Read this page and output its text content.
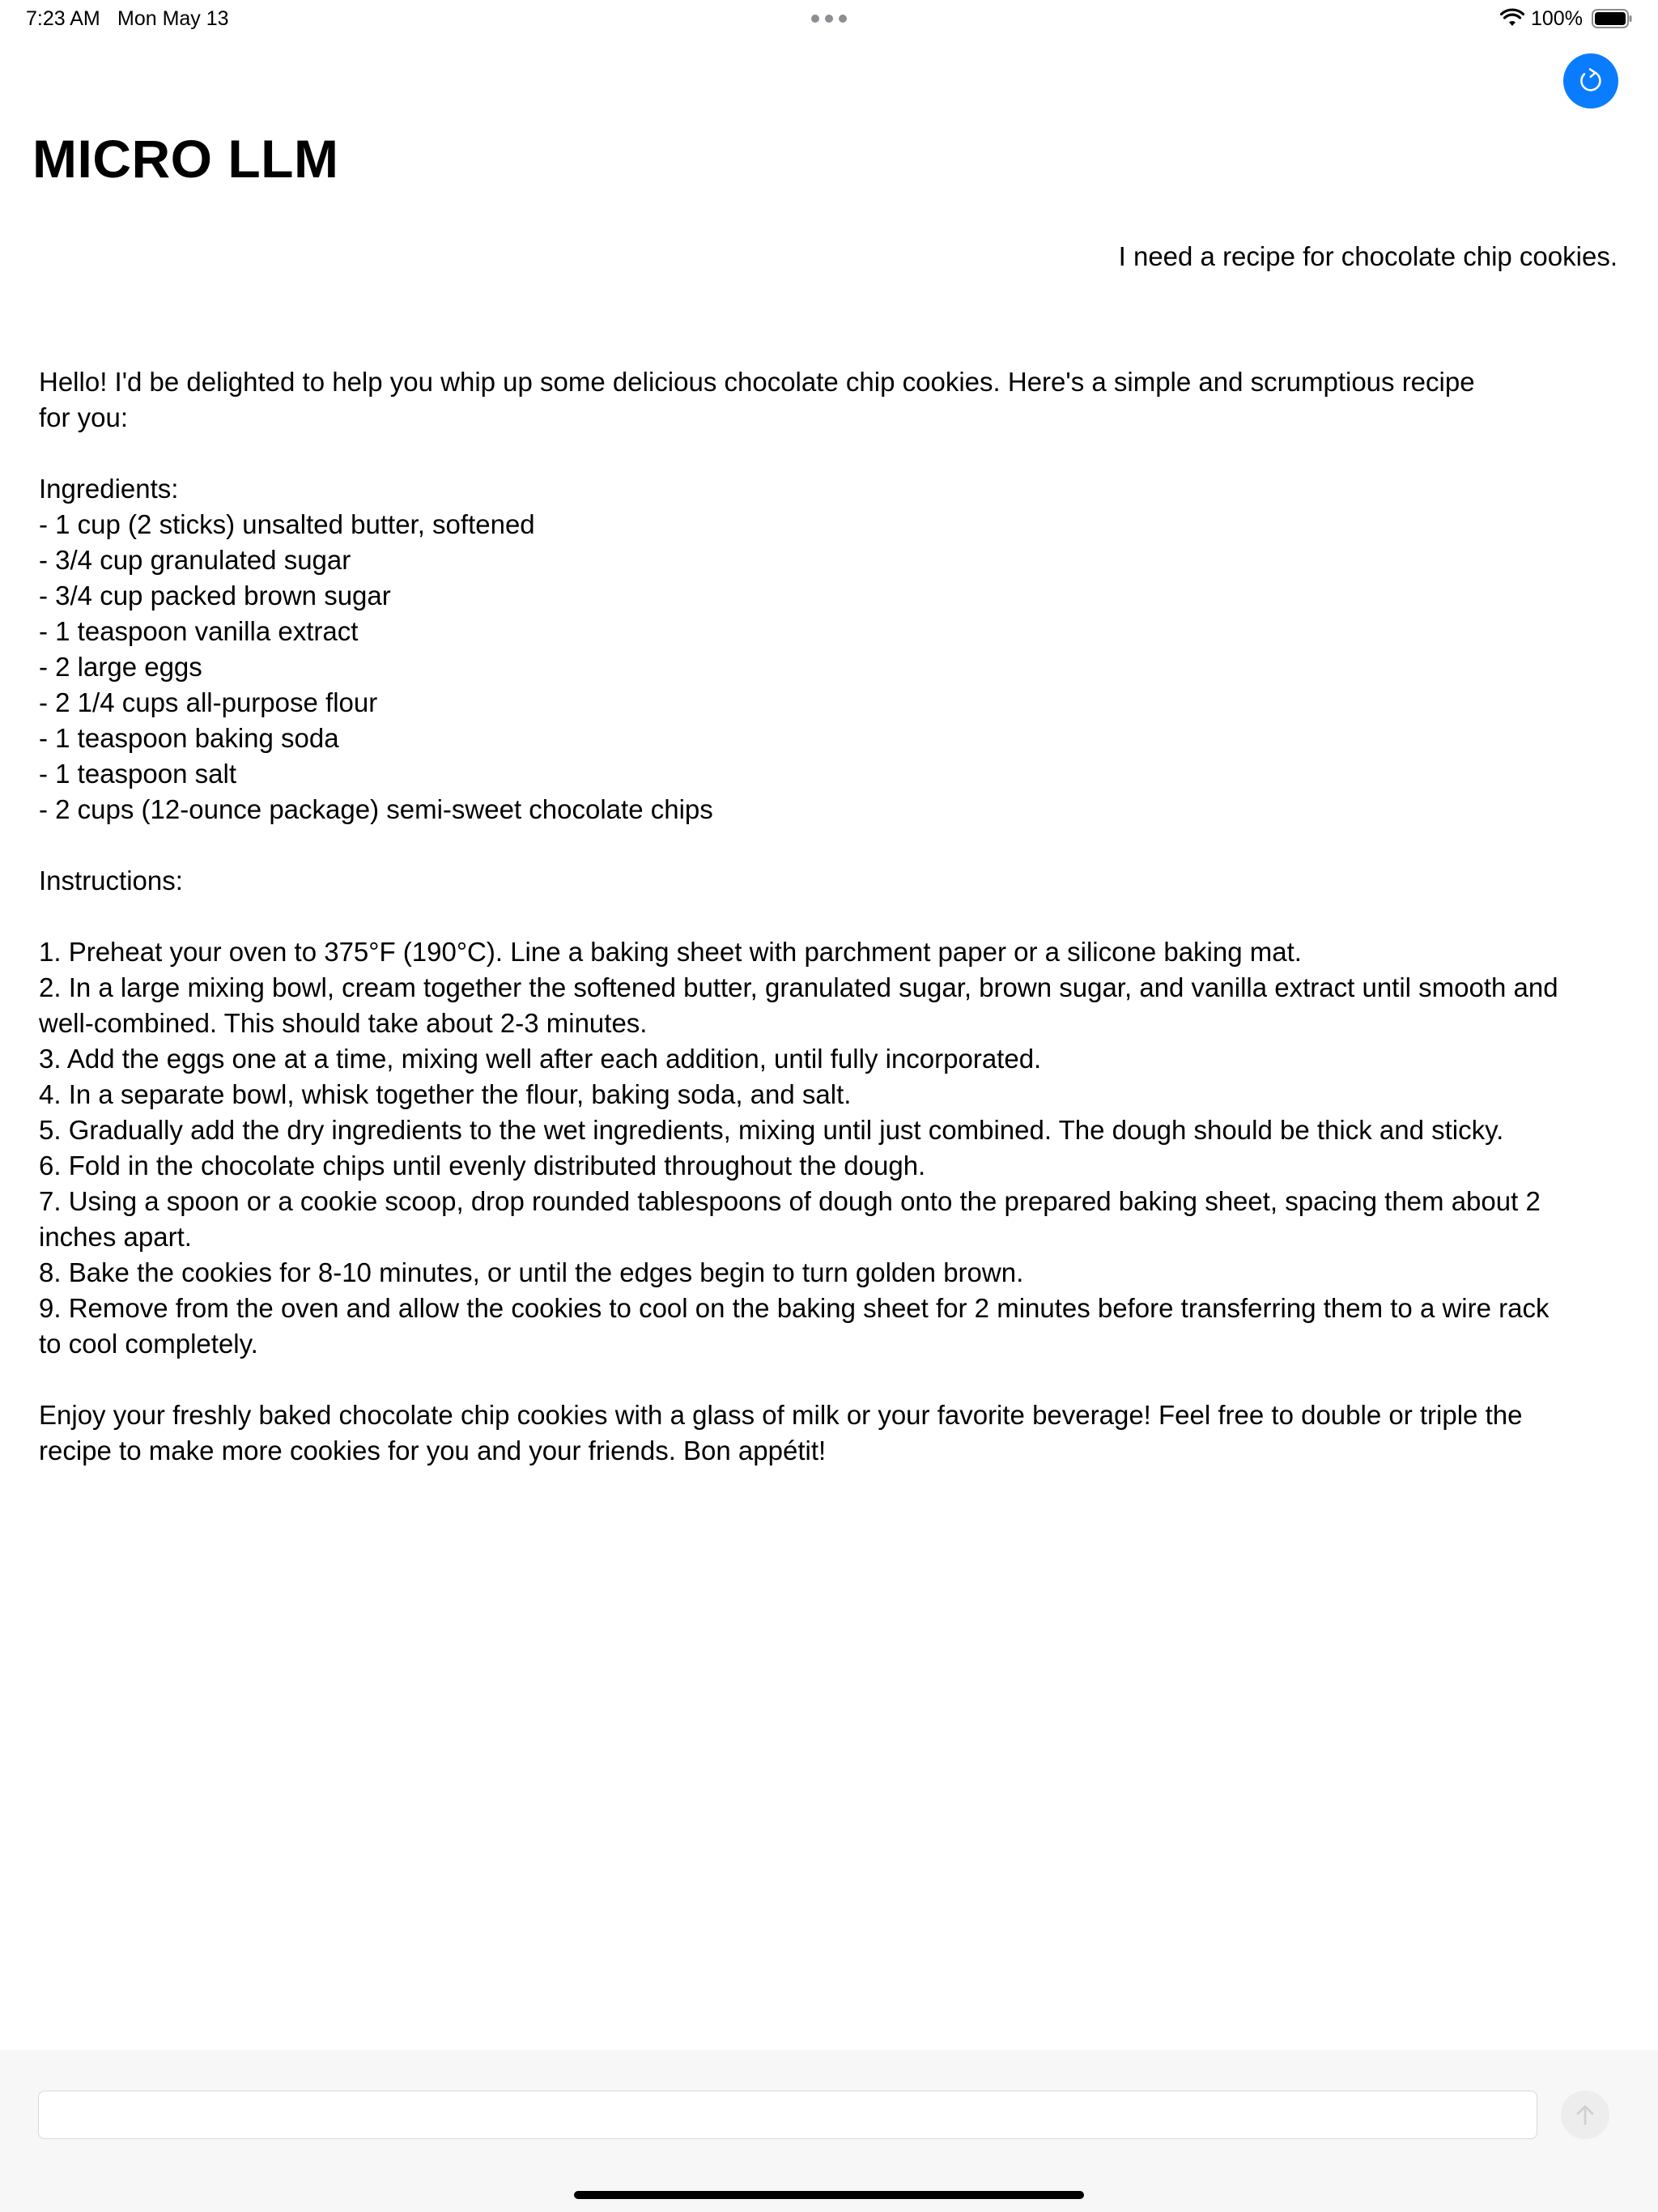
7:23 AM Mon May 13	100%
MICRO LLM
I need a recipe for chocolate chip cookies.
Hello! I'd be delighted to help you whip up some delicious chocolate chip cookies. Here's a simple and scrumptious recipe
for you:

Ingredients:
- 1 cup (2 sticks) unsalted butter, softened
- 3/4 cup granulated sugar
- 3/4 cup packed brown sugar
- 1 teaspoon vanilla extract
- 2 large eggs
- 2 1/4 cups all-purpose flour
- 1 teaspoon baking soda
- 1 teaspoon salt
- 2 cups (12-ounce package) semi-sweet chocolate chips

Instructions:

1. Preheat your oven to 375°F (190°C). Line a baking sheet with parchment paper or a silicone baking mat.
2. In a large mixing bowl, cream together the softened butter, granulated sugar, brown sugar, and vanilla extract until smooth and
well-combined. This should take about 2-3 minutes.
3. Add the eggs one at a time, mixing well after each addition, until fully incorporated.
4. In a separate bowl, whisk together the flour, baking soda, and salt.
5. Gradually add the dry ingredients to the wet ingredients, mixing until just combined. The dough should be thick and sticky.
6. Fold in the chocolate chips until evenly distributed throughout the dough.
7. Using a spoon or a cookie scoop, drop rounded tablespoons of dough onto the prepared baking sheet, spacing them about 2
inches apart.
8. Bake the cookies for 8-10 minutes, or until the edges begin to turn golden brown.
9. Remove from the oven and allow the cookies to cool on the baking sheet for 2 minutes before transferring them to a wire rack
to cool completely.

Enjoy your freshly baked chocolate chip cookies with a glass of milk or your favorite beverage! Feel free to double or triple the
recipe to make more cookies for you and your friends. Bon appétit!
